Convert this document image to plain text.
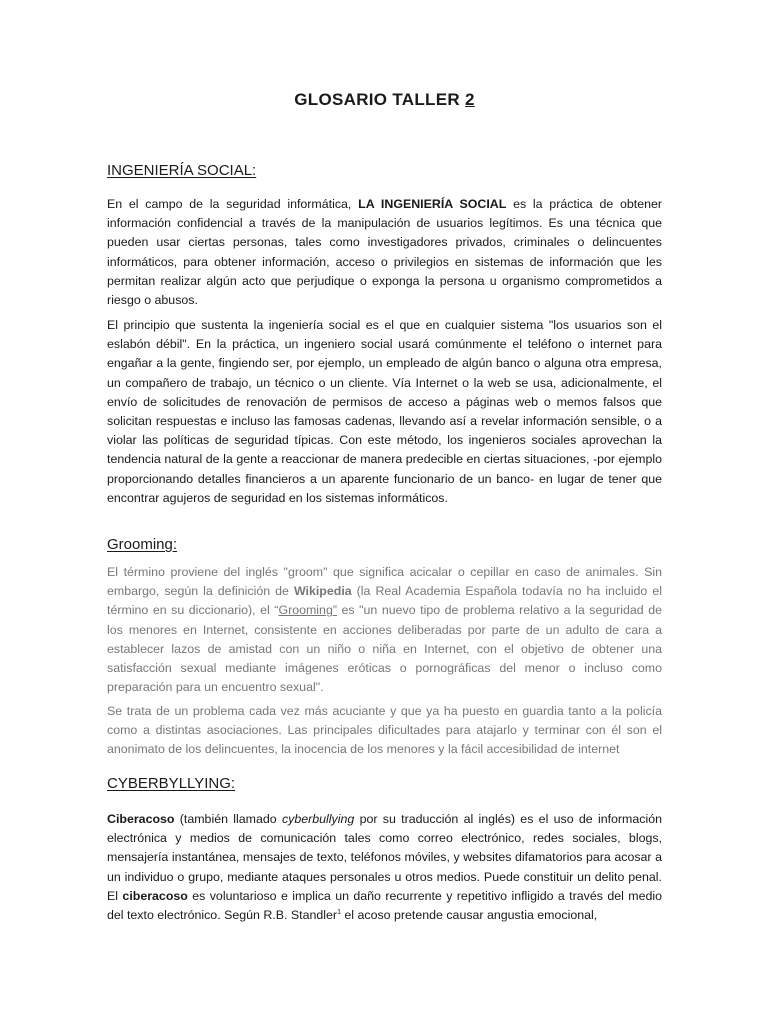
GLOSARIO TALLER 2
INGENIERÍA SOCIAL:

En el campo de la seguridad informática, LA INGENIERÍA SOCIAL es la práctica de obtener información confidencial a través de la manipulación de usuarios legítimos. Es una técnica que pueden usar ciertas personas, tales como investigadores privados, criminales o delincuentes informáticos, para obtener información, acceso o privilegios en sistemas de información que les permitan realizar algún acto que perjudique o exponga la persona u organismo comprometidos a riesgo o abusos.

El principio que sustenta la ingeniería social es el que en cualquier sistema "los usuarios son el eslabón débil". En la práctica, un ingeniero social usará comúnmente el teléfono o internet para engañar a la gente, fingiendo ser, por ejemplo, un empleado de algún banco o alguna otra empresa, un compañero de trabajo, un técnico o un cliente. Vía Internet o la web se usa, adicionalmente, el envío de solicitudes de renovación de permisos de acceso a páginas web o memos falsos que solicitan respuestas e incluso las famosas cadenas, llevando así a revelar información sensible, o a violar las políticas de seguridad típicas. Con este método, los ingenieros sociales aprovechan la tendencia natural de la gente a reaccionar de manera predecible en ciertas situaciones, -por ejemplo proporcionando detalles financieros a un aparente funcionario de un banco- en lugar de tener que encontrar agujeros de seguridad en los sistemas informáticos.

Grooming:

El término proviene del inglés "groom" que significa acicalar o cepillar en caso de animales. Sin embargo, según la definición de Wikipedia (la Real Academia Española todavía no ha incluido el término en su diccionario), el “Grooming” es "un nuevo tipo de problema relativo a la seguridad de los menores en Internet, consistente en acciones deliberadas por parte de un adulto de cara a establecer lazos de amistad con un niño o niña en Internet, con el objetivo de obtener una satisfacción sexual mediante imágenes eróticas o pornográficas del menor o incluso como preparación para un encuentro sexual".

Se trata de un problema cada vez más acuciante y que ya ha puesto en guardia tanto a la policía como a distintas asociaciones. Las principales dificultades para atajarlo y terminar con él son el anonimato de los delincuentes, la inocencia de los menores y la fácil accesibilidad de internet

CYBERBYLLYING:

Ciberacoso (también llamado cyberbullying por su traducción al inglés) es el uso de información electrónica y medios de comunicación tales como correo electrónico, redes sociales, blogs, mensajería instantánea, mensajes de texto, teléfonos móviles, y websites difamatorios para acosar a un individuo o grupo, mediante ataques personales u otros medios. Puede constituir un delito penal. El ciberacoso es voluntarioso e implica un daño recurrente y repetitivo infligido a través del medio del texto electrónico. Según R.B. Standler$^1$ el acoso pretende causar angustia emocional,
